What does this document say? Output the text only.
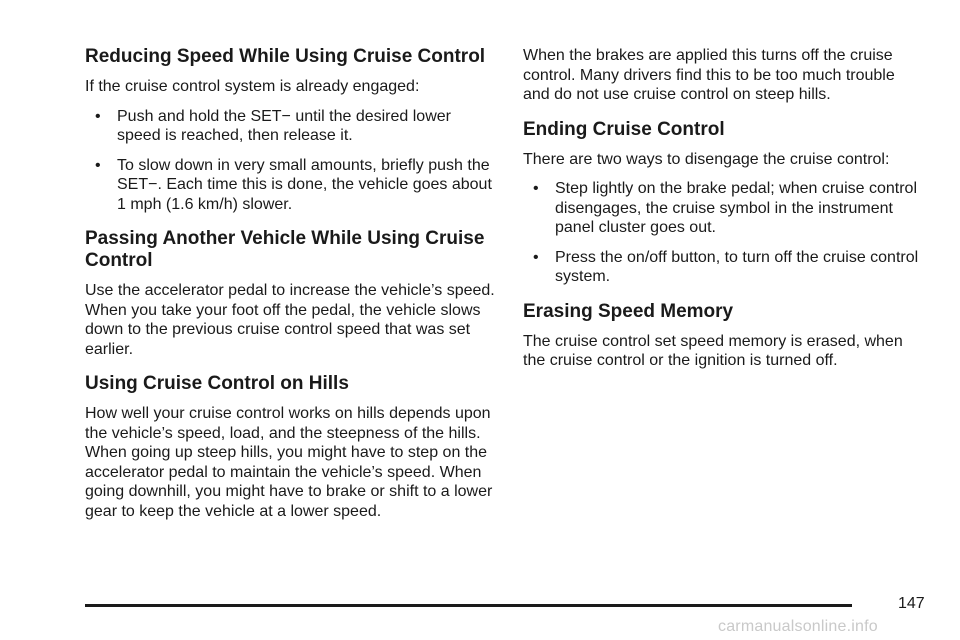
Reducing Speed While Using Cruise Control

If the cruise control system is already engaged:

• Push and hold the SET− until the desired lower speed is reached, then release it.
• To slow down in very small amounts, briefly push the SET−. Each time this is done, the vehicle goes about 1 mph (1.6 km/h) slower.
Passing Another Vehicle While Using Cruise Control

Use the accelerator pedal to increase the vehicle’s speed. When you take your foot off the pedal, the vehicle slows down to the previous cruise control speed that was set earlier.

Using Cruise Control on Hills

How well your cruise control works on hills depends upon the vehicle’s speed, load, and the steepness of the hills. When going up steep hills, you might have to step on the accelerator pedal to maintain the vehicle’s speed. When going downhill, you might have to brake or shift to a lower gear to keep the vehicle at a lower speed.

When the brakes are applied this turns off the cruise control. Many drivers find this to be too much trouble and do not use cruise control on steep hills.

Ending Cruise Control

There are two ways to disengage the cruise control:

• Step lightly on the brake pedal; when cruise control disengages, the cruise symbol in the instrument panel cluster goes out.
• Press the on/off button, to turn off the cruise control system.
Erasing Speed Memory

The cruise control set speed memory is erased, when the cruise control or the ignition is turned off.

147
carmanualsonline.info
